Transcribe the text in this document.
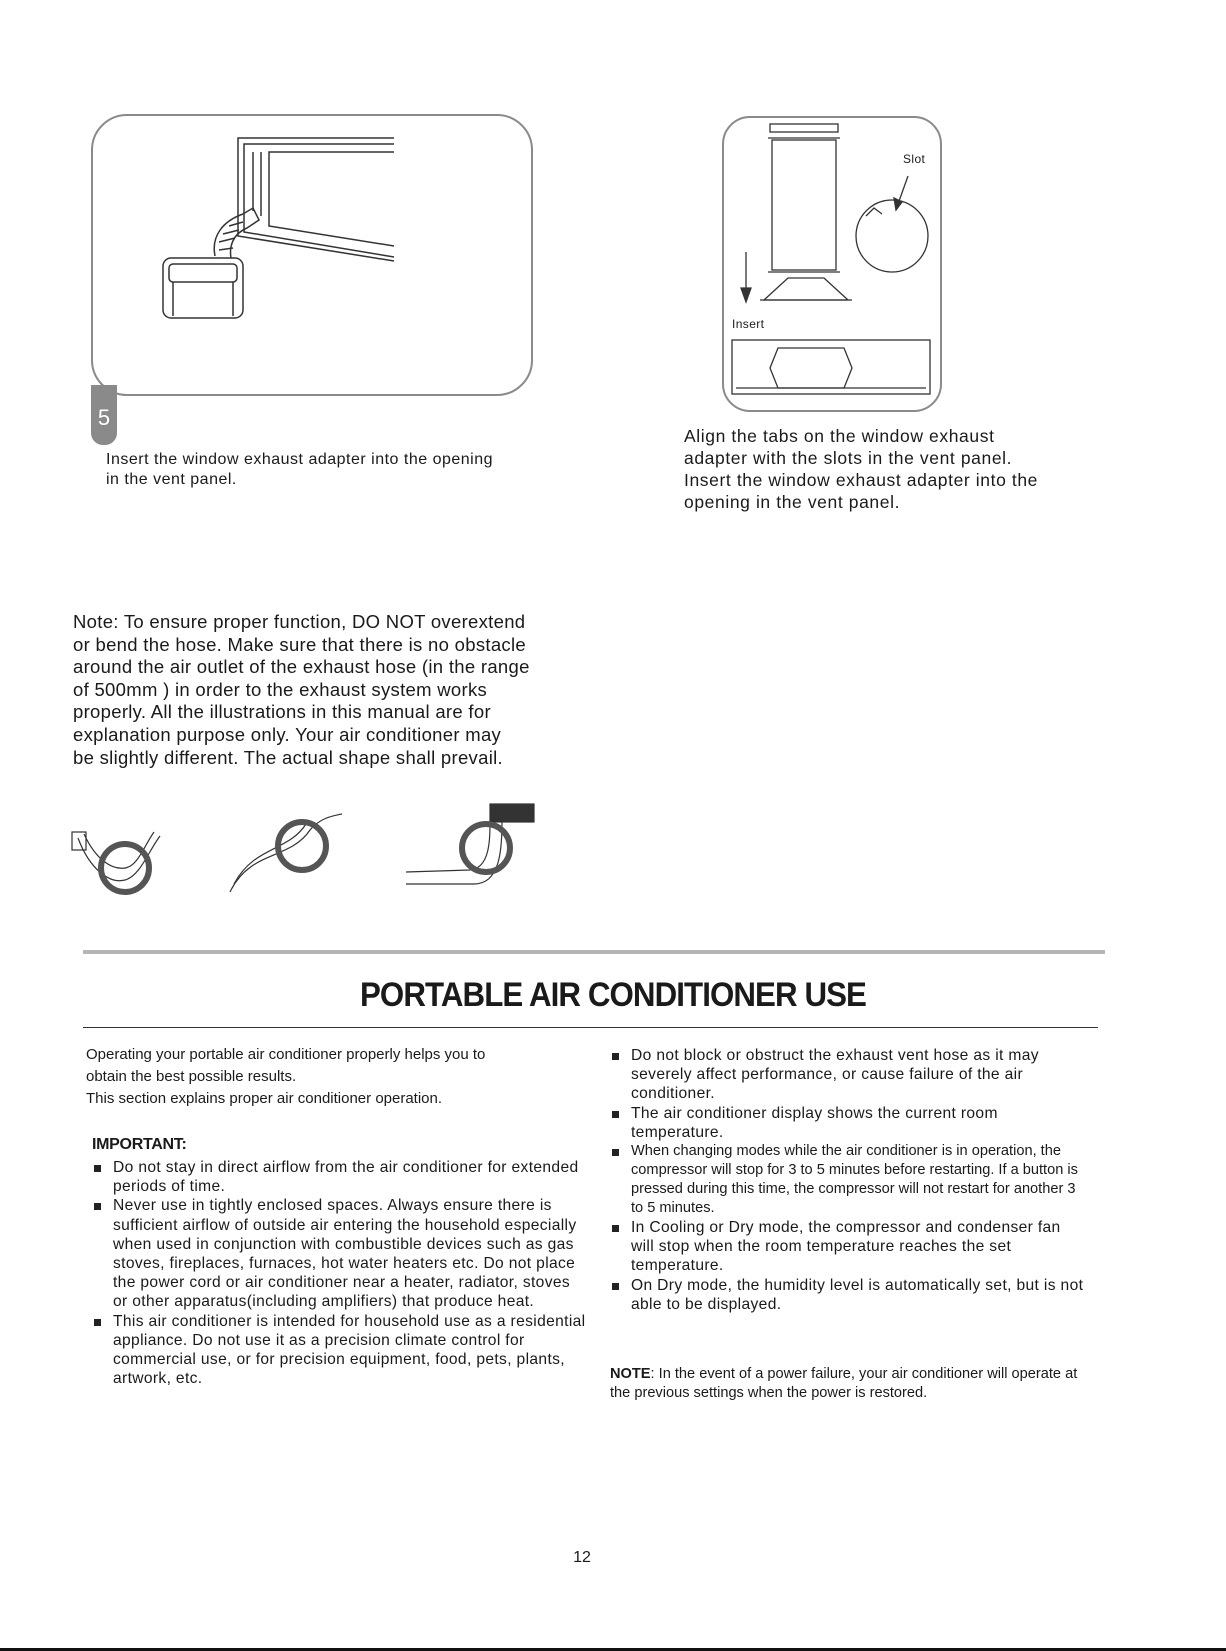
5
Insert the window exhaust adapter into the opening
in the vent panel.
Slot
Insert
Align the tabs on the window exhaust
adapter with the slots in the vent panel.
Insert the window exhaust adapter into the
opening in the vent panel.
Note: To ensure proper function, DO NOT overextend
or bend the hose. Make sure that there is no obstacle
around the air outlet of the exhaust hose (in the range
of 500mm ) in order to the exhaust system works
properly. All the illustrations in this manual are for
explanation purpose only. Your air conditioner may
be slightly different. The actual shape shall prevail.
PORTABLE AIR CONDITIONER USE

Operating your portable air conditioner properly helps you to

obtain the best possible results.

This section explains proper air conditioner operation.

IMPORTANT:
Do not stay in direct airflow from the air conditioner for extended periods of time.
Never use in tightly enclosed spaces. Always ensure there is sufficient airflow of outside air entering the household especially when used in conjunction with combustible devices such as gas stoves, fireplaces, furnaces, hot water heaters etc. Do not place the power cord or air conditioner near a heater, radiator, stoves or other apparatus(including amplifiers) that produce heat.
This air conditioner is intended for household use as a residential appliance. Do not use it as a precision climate control for commercial use, or for precision equipment, food, pets, plants, artwork, etc.
Do not block or obstruct the exhaust vent hose as it may severely affect performance, or cause failure of the air conditioner.
The air conditioner display shows the current room temperature.
When changing modes while the air conditioner is in operation, the compressor will stop for 3 to 5 minutes before restarting. If a button is pressed during this time, the compressor will not restart for another 3 to 5 minutes.
In Cooling or Dry mode, the compressor and condenser fan will stop when the room temperature reaches the set temperature.
On Dry mode, the humidity level is automatically set, but is not able to be displayed.
NOTE: In the event of a power failure, your air conditioner will operate at the previous settings when the power is restored.
12
